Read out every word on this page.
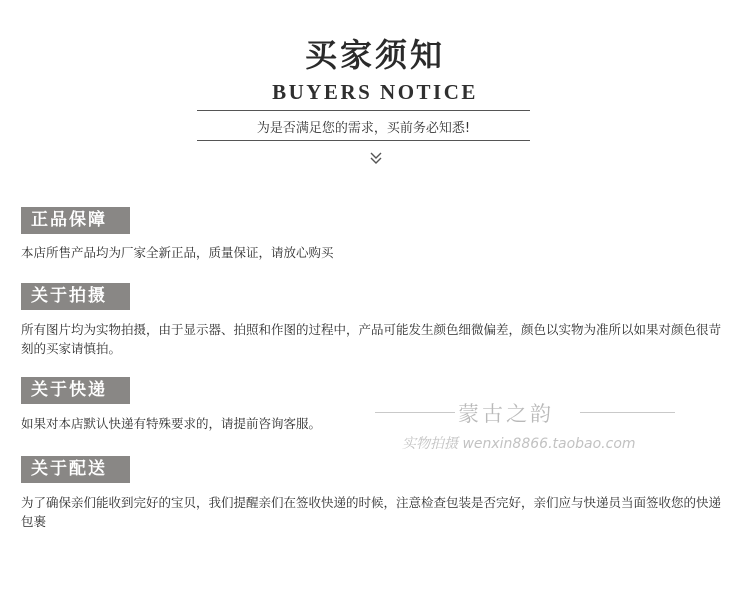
买家须知
BUYERS NOTICE
为是否满足您的需求，买前务必知悉!
正品保障
本店所售产品均为厂家全新正品，质量保证，请放心购买
关于拍摄
所有图片均为实物拍摄，由于显示器、拍照和作图的过程中，产品可能发生颜色细微偏差，颜色以实物为准所以如果对颜色很苛刻的买家请慎拍。
关于快递
如果对本店默认快递有特殊要求的，请提前咨询客服。
关于配送
为了确保亲们能收到完好的宝贝，我们提醒亲们在签收快递的时候，注意检查包装是否完好，亲们应与快递员当面签收您的快递包裹
蒙古之韵
实物拍摄 wenxin8866.taobao.com
